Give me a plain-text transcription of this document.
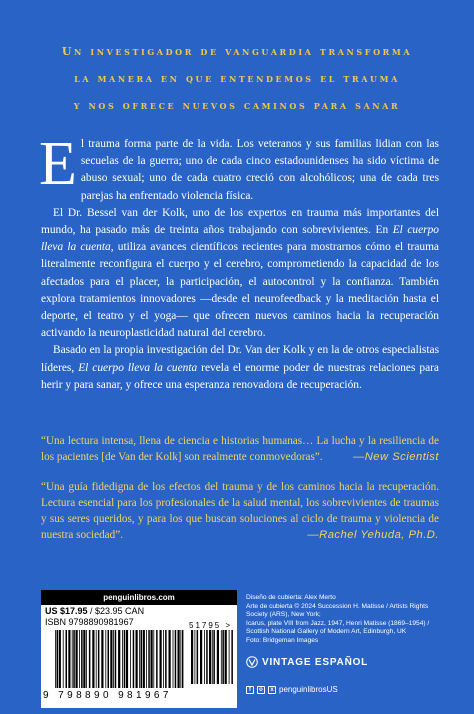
Un investigador de vanguardia transforma
la manera en que entendemos el trauma
y nos ofrece nuevos caminos para sanar

El trauma forma parte de la vida. Los veteranos y sus familias lidian con las secuelas de la guerra; uno de cada cinco estadounidenses ha sido víctima de abuso sexual; uno de cada cuatro creció con alcohólicos; una de cada tres parejas ha enfrentado violencia física.

El Dr. Bessel van der Kolk, uno de los expertos en trauma más importantes del mundo, ha pasado más de treinta años trabajando con sobrevivientes. En El cuerpo lleva la cuenta, utiliza avances científicos recientes para mostrarnos cómo el trauma literalmente reconfigura el cuerpo y el cerebro, comprometiendo la capacidad de los afectados para el placer, la participación, el autocontrol y la confianza. También explora tratamientos innovadores —desde el neurofeedback y la meditación hasta el deporte, el teatro y el yoga— que ofrecen nuevos caminos hacia la recuperación activando la neuroplasticidad natural del cerebro.

Basado en la propia investigación del Dr. Van der Kolk y en la de otros especialistas líderes, El cuerpo lleva la cuenta revela el enorme poder de nuestras relaciones para herir y para sanar, y ofrece una esperanza renovadora de recuperación.

“Una lectura intensa, llena de ciencia e historias humanas… La lucha y la resiliencia de los pacientes [de Van der Kolk] son realmente conmovedoras”.	—New Scientist
“Una guía fidedigna de los efectos del trauma y de los caminos hacia la recuperación. Lectura esencial para los profesionales de la salud mental, los sobrevivientes de traumas y sus seres queridos, y para los que buscan soluciones al ciclo de trauma y violencia de nuestra sociedad”.	—Rachel Yehuda, Ph.D.
penguinlibros.com
US $17.95 / $23.95 CAN
ISBN 9798890981967	51795 >
9 798890 981967
Diseño de cubierta: Alex Merto
Arte de cubierta © 2024 Succession H. Matisse / Artists Rights Society (ARS), New York;
Icarus, plate VIII from Jazz, 1947, Henri Matisse (1869–1954) / Scottish National Gallery of Modern Art, Edinburgh, UK
Foto: Bridgeman Images
VINTAGE ESPAÑOL
f	o	x penguinlibrosUS
